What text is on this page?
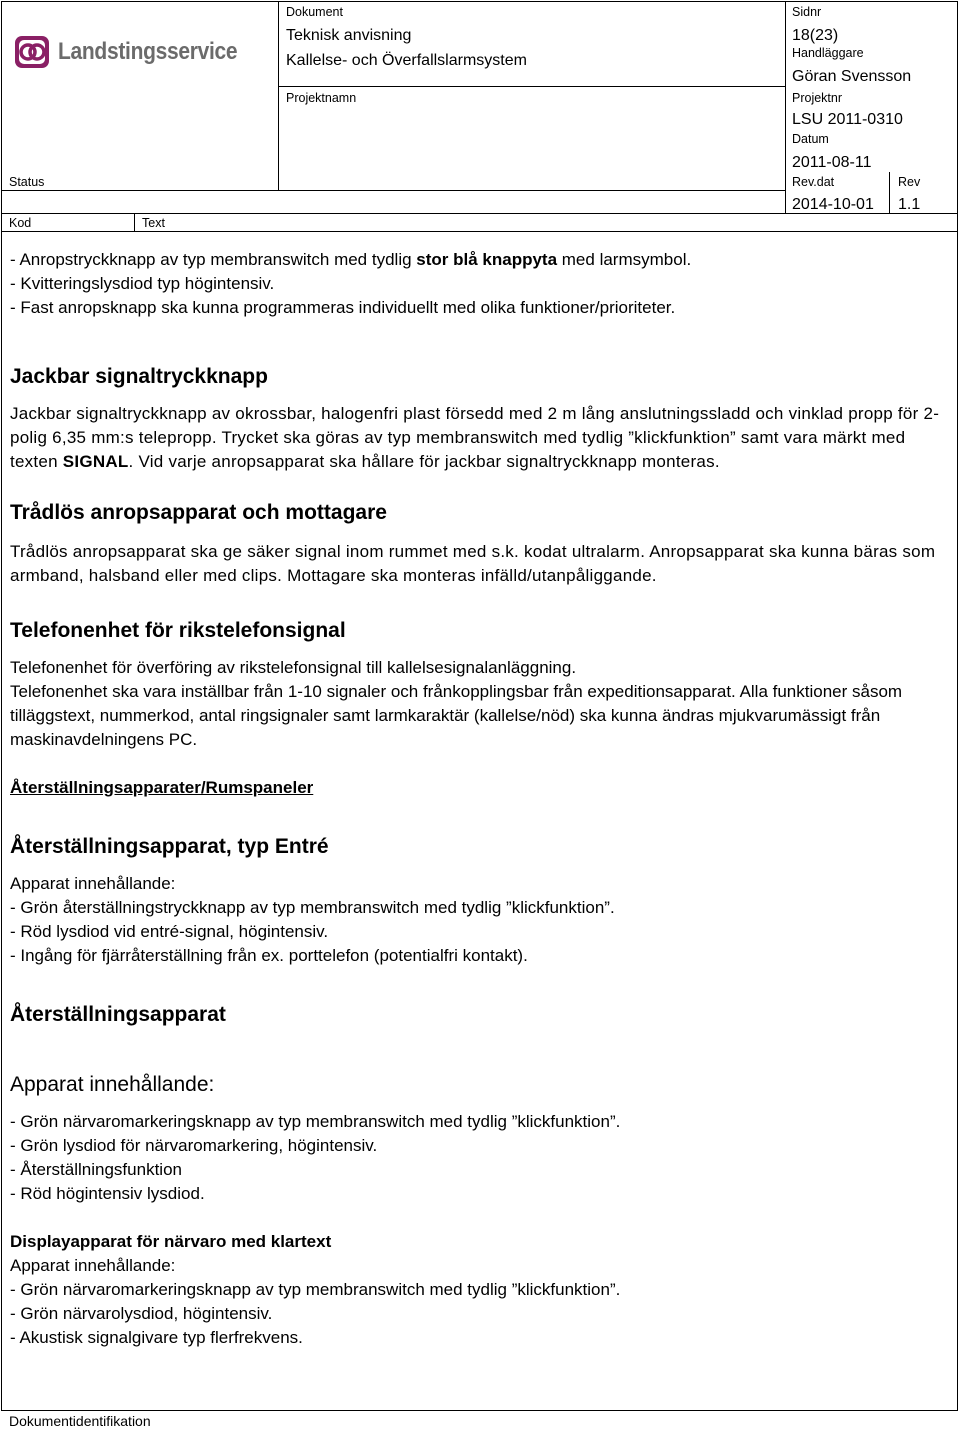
Landstingsservice
Dokument
Teknisk anvisning
Kallelse- och Överfallslarmsystem
Sidnr
18(23)
Handläggare
Göran Svensson
Projektnamn	Projektnr
LSU 2011-0310
Datum
2011-08-11
Status	Rev.dat
2014-10-01
Rev
1.1
Kod	Text

- Anropstryckknapp av typ membranswitch med tydlig stor blå knappyta med larmsymbol.

- Kvitteringslysdiod typ högintensiv.

- Fast anropsknapp ska kunna programmeras individuellt med olika funktioner/prioriteter.

Jackbar signaltryckknapp

Jackbar signaltryckknapp av okrossbar, halogenfri plast försedd med 2 m lång anslutningssladd och vinklad propp för 2-polig 6,35 mm:s telepropp. Trycket ska göras av typ membranswitch med tydlig ”klickfunktion” samt vara märkt med texten SIGNAL. Vid varje anropsapparat ska hållare för jackbar signaltryckknapp monteras.

Trådlös anropsapparat och mottagare

Trådlös anropsapparat ska ge säker signal inom rummet med s.k. kodat ultralarm. Anropsapparat ska kunna bäras som armband, halsband eller med clips. Mottagare ska monteras infälld/utanpåliggande.

Telefonenhet för rikstelefonsignal

Telefonenhet för överföring av rikstelefonsignal till kallelsesignalanläggning.

Telefonenhet ska vara inställbar från 1-10 signaler och frånkopplingsbar från expeditionsapparat. Alla funktioner såsom tilläggstext, nummerkod, antal ringsignaler samt larmkaraktär (kallelse/nöd) ska kunna ändras mjukvarumässigt från maskinavdelningens PC.

Återställningsapparater/Rumspaneler

Återställningsapparat, typ Entré

Apparat innehållande:

- Grön återställningstryckknapp av typ membranswitch med tydlig ”klickfunktion”.

- Röd lysdiod vid entré-signal, högintensiv.

- Ingång för fjärråterställning från ex. porttelefon (potentialfri kontakt).

Återställningsapparat

Apparat innehållande:

- Grön närvaromarkeringsknapp av typ membranswitch med tydlig ”klickfunktion”.

- Grön lysdiod för närvaromarkering, högintensiv.

- Återställningsfunktion

- Röd högintensiv lysdiod.

Displayapparat för närvaro med klartext

Apparat innehållande:

- Grön närvaromarkeringsknapp av typ membranswitch med tydlig ”klickfunktion”.

- Grön närvarolysdiod, högintensiv.

- Akustisk signalgivare typ flerfrekvens.

Dokumentidentifikation
